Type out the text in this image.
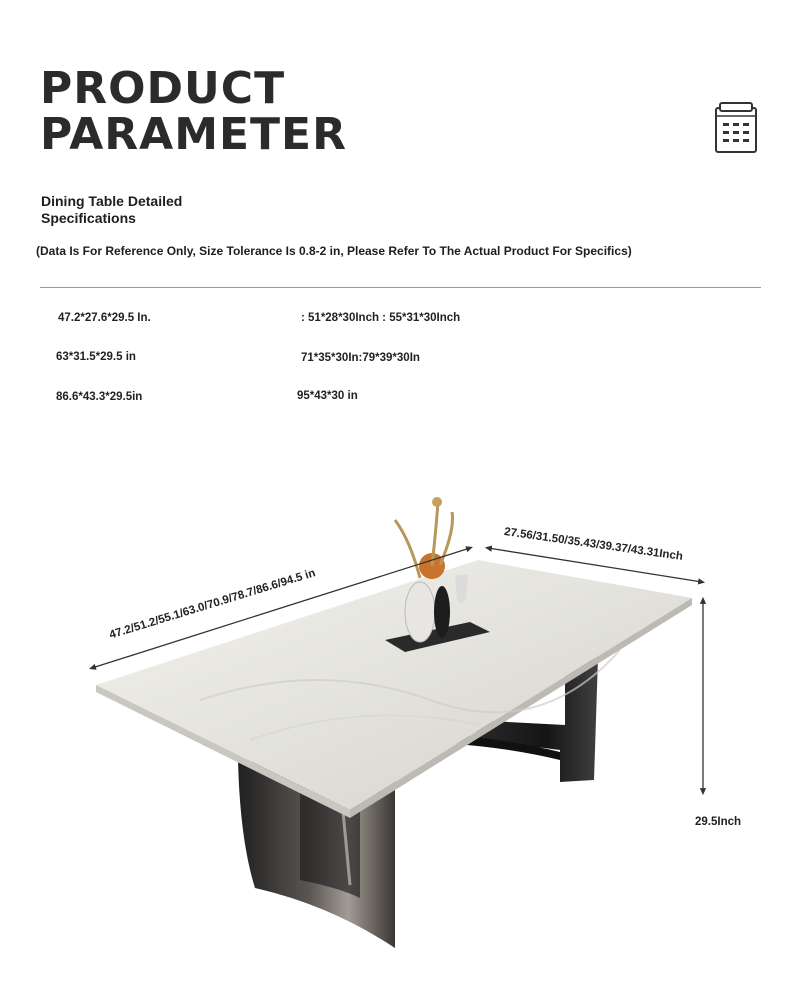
PRODUCT
PARAMETER
Dining Table Detailed Specifications
(Data Is For Reference Only, Size Tolerance Is 0.8-2 in, Please Refer To The Actual Product For Specifics)
47.2*27.6*29.5 In.	: 51*28*30Inch : 55*31*30Inch
63*31.5*29.5 in	71*35*30In:79*39*30In
86.6*43.3*29.5in	95*43*30 in
47.2/51.2/55.1/63.0/70.9/78.7/86.6/94.5 in
27.56/31.50/35.43/39.37/43.31Inch
29.5Inch
